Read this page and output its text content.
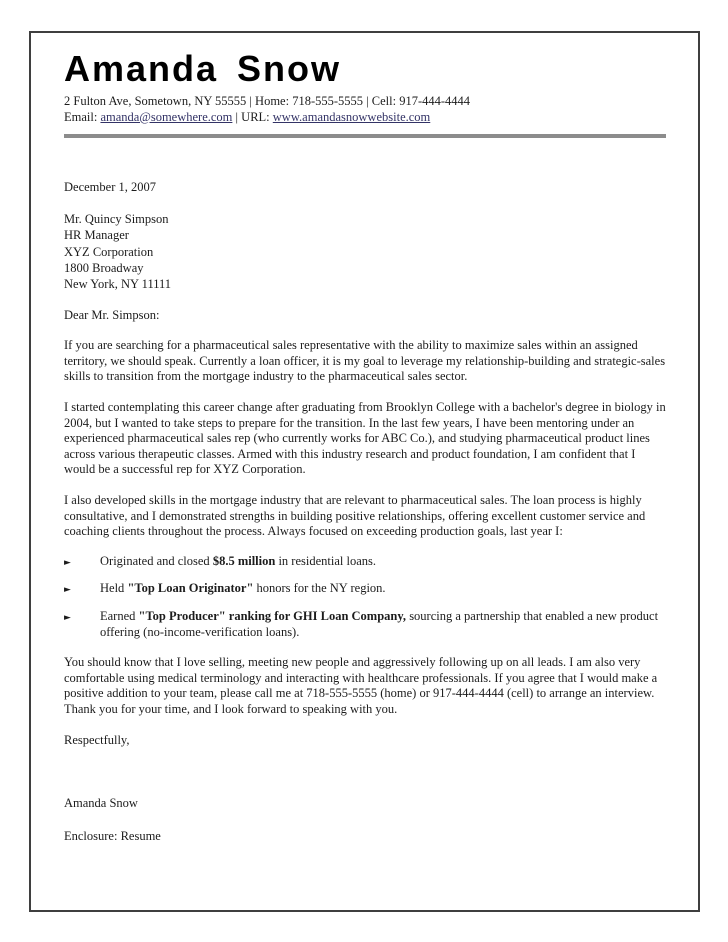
Amanda Snow
2 Fulton Ave, Sometown, NY 55555 | Home: 718-555-5555 | Cell: 917-444-4444
Email: amanda@somewhere.com | URL: www.amandasnowwebsite.com
December 1, 2007
Mr. Quincy Simpson
HR Manager
XYZ Corporation
1800 Broadway
New York, NY 11111

Dear Mr. Simpson:

If you are searching for a pharmaceutical sales representative with the ability to maximize sales within an assigned territory, we should speak. Currently a loan officer, it is my goal to leverage my relationship-building and strategic-sales skills to transition from the mortgage industry to the pharmaceutical sales sector.

I started contemplating this career change after graduating from Brooklyn College with a bachelor's degree in biology in 2004, but I wanted to take steps to prepare for the transition. In the last few years, I have been mentoring under an experienced pharmaceutical sales rep (who currently works for ABC Co.), and studying pharmaceutical product lines across various therapeutic classes. Armed with this industry research and product foundation, I am confident that I would be a successful rep for XYZ Corporation.

I also developed skills in the mortgage industry that are relevant to pharmaceutical sales. The loan process is highly consultative, and I demonstrated strengths in building positive relationships, offering excellent customer service and coaching clients throughout the process. Always focused on exceeding production goals, last year I:

►	Originated and closed $8.5 million in residential loans.
►	Held "Top Loan Originator" honors for the NY region.
►	Earned "Top Producer" ranking for GHI Loan Company, sourcing a partnership that enabled a new product offering (no-income-verification loans).

You should know that I love selling, meeting new people and aggressively following up on all leads. I am also very comfortable using medical terminology and interacting with healthcare professionals. If you agree that I would make a positive addition to your team, please call me at 718-555-5555 (home) or 917-444-4444 (cell) to arrange an interview. Thank you for your time, and I look forward to speaking with you.

Respectfully,

Amanda Snow

Enclosure: Resume
